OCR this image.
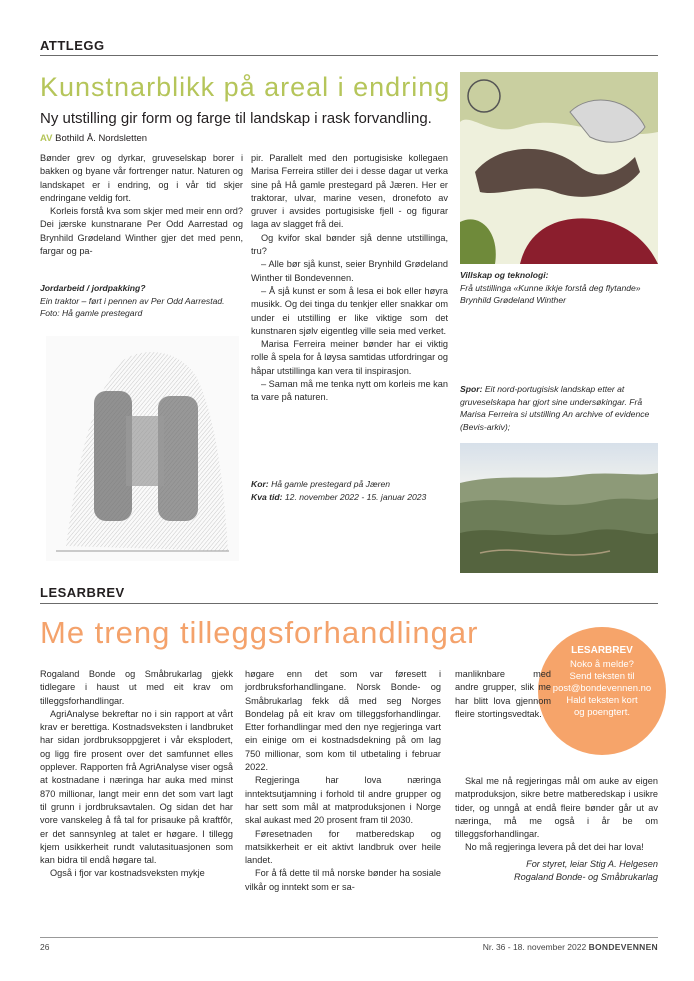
ATTLEGG
Kunstnarblikk på areal i endring
Ny utstilling gir form og farge til landskap i rask forvandling.
AV Bothild Å. Nordsletten

Bønder grev og dyrkar, gruveselskap borer i bakken og byane vår fortrenger natur. Naturen og landskapet er i endring, og i vår tid skjer endringane veldig fort.

Korleis forstå kva som skjer med meir enn ord? Dei jærske kunstnarane Per Odd Aarrestad og Brynhild Grødeland Winther gjer det med penn, fargar og pa-

Jordarbeid / jordpakking?
Ein traktor – ført i pennen av Per Odd Aarrestad. Foto: Hå gamle prestegard

pir. Parallelt med den portugisiske kollegaen Marisa Ferreira stiller dei i desse dagar ut verka sine på Hå gamle prestegard på Jæren. Her er traktorar, ulvar, marine vesen, dronefoto av gruver i avsides portugisiske fjell - og figurar laga av slagget frå dei.

Og kvifor skal bønder sjå denne utstillinga, tru?

– Alle bør sjå kunst, seier Brynhild Grødeland Winther til Bondevennen.

– Å sjå kunst er som å lesa ei bok eller høyra musikk. Og dei tinga du tenkjer eller snakkar om under ei utstilling er like viktige som det kunstnaren sjølv eigentleg ville seia med verket.

Marisa Ferreira meiner bønder har ei viktig rolle å spela for å løysa samtidas utfordringar og håpar utstillinga kan vera til inspirasjon.

– Saman må me tenka nytt om korleis me kan ta vare på naturen.

Kor: Hå gamle prestegard på Jæren
Kva tid: 12. november 2022 - 15. januar 2023
Villskap og teknologi:
Frå utstillinga «Kunne ikkje forstå deg flytande» Brynhild Grødeland Winther
Spor: Eit nord-portugisisk landskap etter at gruveselskapa har gjort sine undersøkingar. Frå Marisa Ferreira si utstilling An archive of evidence (Bevis-arkiv);
LESARBREV
Me treng tilleggsforhandlingar
LESARBREV
Noko å melde?
Send teksten til
post@bondevennen.no
Hald teksten kort
og poengtert.

Rogaland Bonde og Småbrukarlag gjekk tidlegare i haust ut med eit krav om tilleggsforhandlingar.

AgriAnalyse bekreftar no i sin rapport at vårt krav er berettiga. Kostnadsveksten i landbruket har sidan jordbruksoppgjeret i vår eksplodert, og ligg fire prosent over det samfunnet elles opplever. Rapporten frå AgriAnalyse viser også at kostnadane i næringa har auka med minst 870 millionar, langt meir enn det som vart lagt til grunn i jordbruksavtalen. Og sidan det har vore vanskeleg å få tal for prisauke på kraftfôr, er det sannsynleg at talet er høgare. I tillegg kjem usikkerheit rundt valutasituasjonen som kan bidra til endå høgare tal.

Også i fjor var kostnadsveksten mykje

høgare enn det som var føresett i jordbruksforhandlingane. Norsk Bonde- og Småbrukarlag fekk då med seg Norges Bondelag på eit krav om tilleggsforhandlingar. Etter forhandlingar med den nye regjeringa vart ein einige om ei kostnadsdekning på om lag 750 millionar, som kom til utbetaling i februar 2022.

Regjeringa har lova næringa inntektsutjamning i forhold til andre grupper og har sett som mål at matproduksjonen i Norge skal aukast med 20 prosent fram til 2030.

Føresetnaden for matberedskap og matsikkerheit er eit aktivt landbruk over heile landet.

For å få dette til må norske bønder ha sosiale vilkår og inntekt som er sa-

manliknbare med andre grupper, slik me har blitt lova gjennom fleire stortingsvedtak.

Skal me nå regjeringas mål om auke av eigen matproduksjon, sikre betre matberedskap i usikre tider, og unngå at endå fleire bønder går ut av næringa, må me også i år be om tilleggsforhandlingar.

No må regjeringa levera på det dei har lova!

For styret, leiar Stig A. Helgesen

Rogaland Bonde- og Småbrukarlag

26	Nr. 36 - 18. november 2022 BONDEVENNEN
